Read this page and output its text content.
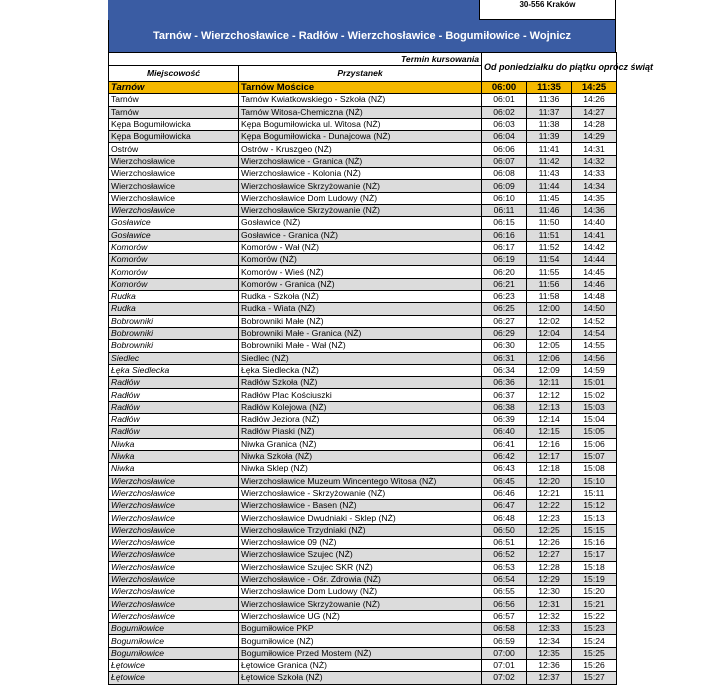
30-556 Kraków
Tarnów - Wierzchosławice - Radłów - Wierzchosławice - Bogumiłowice - Wojnicz
Termin kursowania		Od poniedziałku do piątku oprócz świąt		
Miejscowość	Przystanek			
Tarnów	Tarnów Mościce	06:00	11:35	14:25
Tarnów	Tarnów Kwiatkowskiego - Szkoła (NŻ)	06:01	11:36	14:26
Tarnów	Tarnów Witosa-Chemiczna (NŻ)	06:02	11:37	14:27
Kępa Bogumiłowicka	Kępa Bogumiłowicka ul. Witosa (NŻ)	06:03	11:38	14:28
Kępa Bogumiłowicka	Kępa Bogumiłowicka - Dunajcowa (NŻ)	06:04	11:39	14:29
Ostrów	Ostrów - Kruszgeo (NŻ)	06:06	11:41	14:31
Wierzchosławice	Wierzchosławice - Granica (NŻ)	06:07	11:42	14:32
Wierzchosławice	Wierzchosławice - Kolonia (NŻ)	06:08	11:43	14:33
Wierzchosławice	Wierzchosławice Skrzyżowanie (NŻ)	06:09	11:44	14:34
Wierzchosławice	Wierzchosławice Dom Ludowy (NŻ)	06:10	11:45	14:35
Wierzchosławice	Wierzchosławice Skrzyżowanie (NŻ)	06:11	11:46	14:36
Gosławice	Gosławice (NŻ)	06:15	11:50	14:40
Gosławice	Gosławice - Granica (NŻ)	06:16	11:51	14:41
Komorów	Komorów - Wał (NŻ)	06:17	11:52	14:42
Komorów	Komorów (NŻ)	06:19	11:54	14:44
Komorów	Komorów - Wieś (NŻ)	06:20	11:55	14:45
Komorów	Komorów - Granica (NŻ)	06:21	11:56	14:46
Rudka	Rudka - Szkoła (NŻ)	06:23	11:58	14:48
Rudka	Rudka - Wiata (NŻ)	06:25	12:00	14:50
Bobrowniki	Bobrowniki Małe (NŻ)	06:27	12:02	14:52
Bobrowniki	Bobrowniki Małe - Granica (NŻ)	06:29	12:04	14:54
Bobrowniki	Bobrowniki Małe - Wał (NŻ)	06:30	12:05	14:55
Siedlec	Siedlec (NŻ)	06:31	12:06	14:56
Łęka Siedlecka	Łęka Siedlecka (NŻ)	06:34	12:09	14:59
Radłów	Radłów Szkoła (NŻ)	06:36	12:11	15:01
Radłów	Radłów Plac Kościuszki	06:37	12:12	15:02
Radłów	Radłów Kolejowa (NŻ)	06:38	12:13	15:03
Radłów	Radłów Jeziora (NŻ)	06:39	12:14	15:04
Radłów	Radłów Piaski (NŻ)	06:40	12:15	15:05
Niwka	Niwka Granica (NŻ)	06:41	12:16	15:06
Niwka	Niwka Szkoła (NŻ)	06:42	12:17	15:07
Niwka	Niwka Sklep (NŻ)	06:43	12:18	15:08
Wierzchosławice	Wierzchosławice Muzeum Wincentego Witosa (NŻ)	06:45	12:20	15:10
Wierzchosławice	Wierzchosławice - Skrzyżowanie (NŻ)	06:46	12:21	15:11
Wierzchosławice	Wierzchosławice - Basen (NŻ)	06:47	12:22	15:12
Wierzchosławice	Wierzchosławice Dwudniaki - Sklep (NŻ)	06:48	12:23	15:13
Wierzchosławice	Wierzchosławice Trzydniaki (NŻ)	06:50	12:25	15:15
Wierzchosławice	Wierzchosławice 09 (NŻ)	06:51	12:26	15:16
Wierzchosławice	Wierzchosławice Szujec (NŻ)	06:52	12:27	15:17
Wierzchosławice	Wierzchosławice Szujec SKR (NŻ)	06:53	12:28	15:18
Wierzchosławice	Wierzchosławice - Ośr. Zdrowia (NŻ)	06:54	12:29	15:19
Wierzchosławice	Wierzchosławice Dom Ludowy (NŻ)	06:55	12:30	15:20
Wierzchosławice	Wierzchosławice Skrzyżowanie (NŻ)	06:56	12:31	15:21
Wierzchosławice	Wierzchosławice UG (NŻ)	06:57	12:32	15:22
Bogumiłowice	Bogumiłowice PKP	06:58	12:33	15:23
Bogumiłowice	Bogumiłowice (NŻ)	06:59	12:34	15:24
Bogumiłowice	Bogumiłowice Przed Mostem (NŻ)	07:00	12:35	15:25
Łętowice	Łętowice Granica (NŻ)	07:01	12:36	15:26
Łętowice	Łętowice Szkoła (NŻ)	07:02	12:37	15:27
